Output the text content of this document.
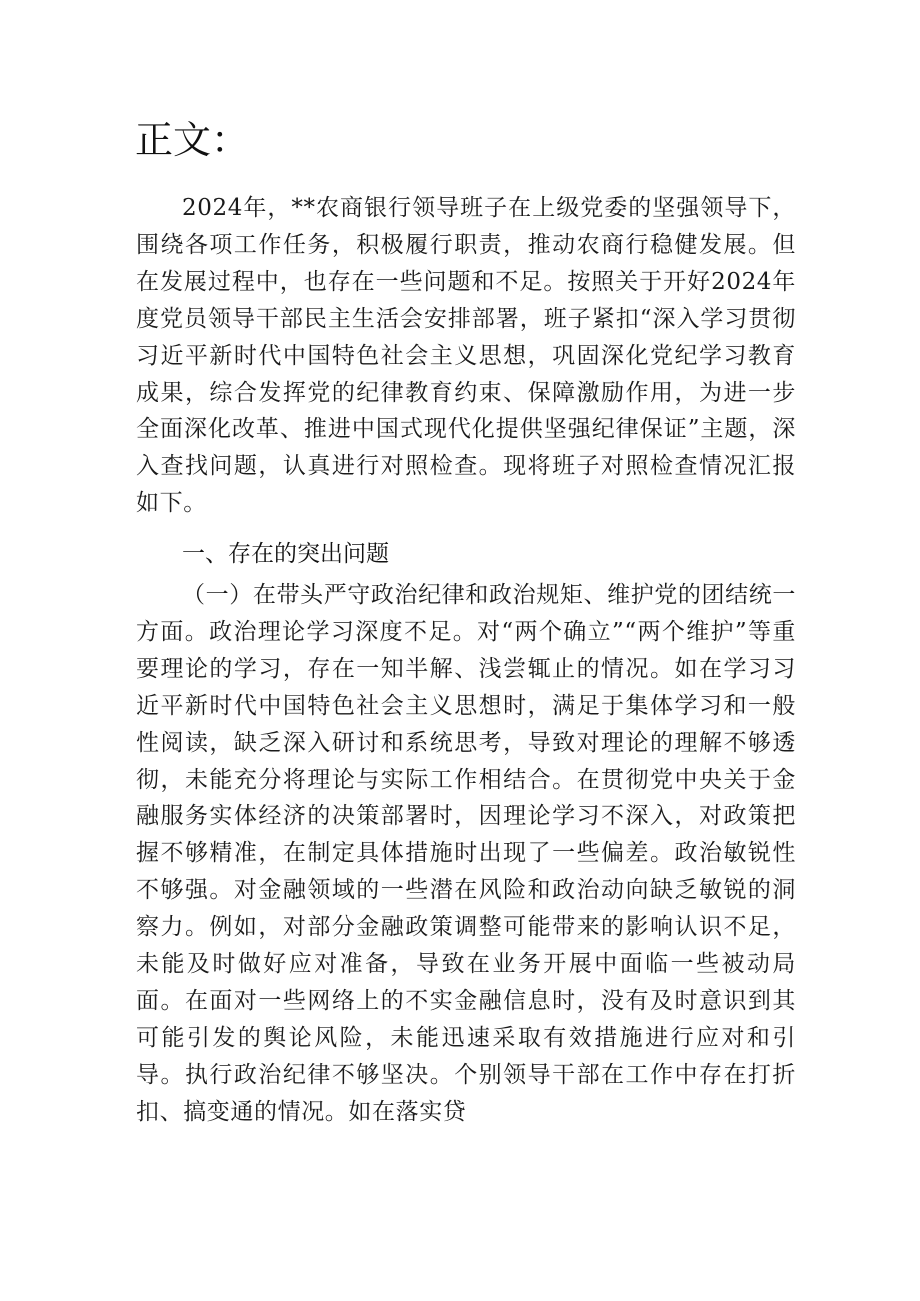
正文：

2024年，**农商银行领导班子在上级党委的坚强领导下，围绕各项工作任务，积极履行职责，推动农商行稳健发展。但在发展过程中，也存在一些问题和不足。按照关于开好2024年度党员领导干部民主生活会安排部署，班子紧扣“深入学习贯彻习近平新时代中国特色社会主义思想，巩固深化党纪学习教育成果，综合发挥党的纪律教育约束、保障激励作用，为进一步全面深化改革、推进中国式现代化提供坚强纪律保证”主题，深入查找问题，认真进行对照检查。现将班子对照检查情况汇报如下。

一、存在的突出问题

（一）在带头严守政治纪律和政治规矩、维护党的团结统一方面。政治理论学习深度不足。对“两个确立”“两个维护”等重要理论的学习，存在一知半解、浅尝辄止的情况。如在学习习近平新时代中国特色社会主义思想时，满足于集体学习和一般性阅读，缺乏深入研讨和系统思考，导致对理论的理解不够透彻，未能充分将理论与实际工作相结合。在贯彻党中央关于金融服务实体经济的决策部署时，因理论学习不深入，对政策把握不够精准，在制定具体措施时出现了一些偏差。政治敏锐性不够强。对金融领域的一些潜在风险和政治动向缺乏敏锐的洞察力。例如，对部分金融政策调整可能带来的影响认识不足，未能及时做好应对准备，导致在业务开展中面临一些被动局面。在面对一些网络上的不实金融信息时，没有及时意识到其可能引发的舆论风险，未能迅速采取有效措施进行应对和引导。执行政治纪律不够坚决。个别领导干部在工作中存在打折扣、搞变通的情况。如在落实贷
